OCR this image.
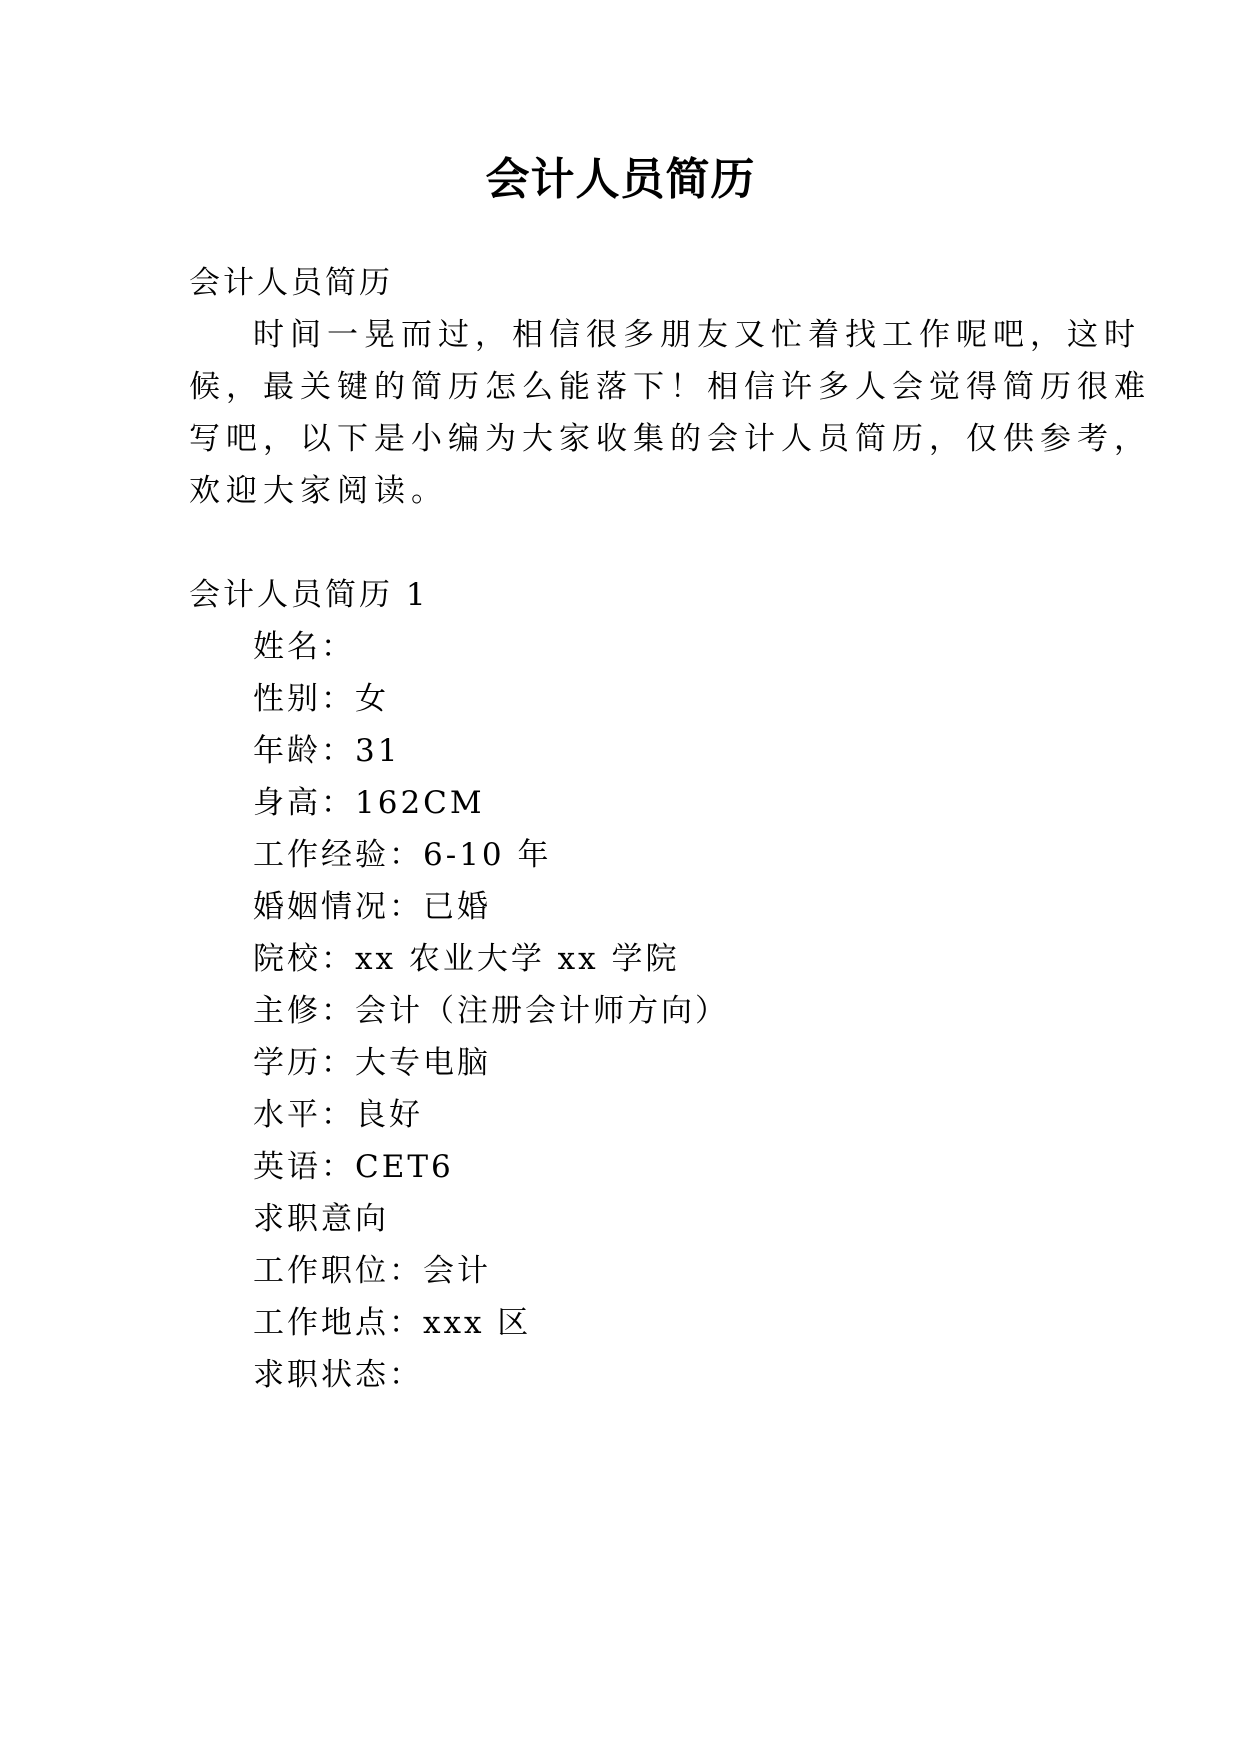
会计人员简历
会计人员简历
时间一晃而过，相信很多朋友又忙着找工作呢吧，这时
候，最关键的简历怎么能落下！相信许多人会觉得简历很难
写吧，以下是小编为大家收集的会计人员简历，仅供参考，
欢迎大家阅读。
会计人员简历 1
姓名：
性别：女
年龄：31
身高：162CM
工作经验：6-10 年
婚姻情况：已婚
院校：xx 农业大学 xx 学院
主修：会计（注册会计师方向）
学历：大专电脑
水平：良好
英语：CET6
求职意向
工作职位：会计
工作地点：xxx 区
求职状态：
